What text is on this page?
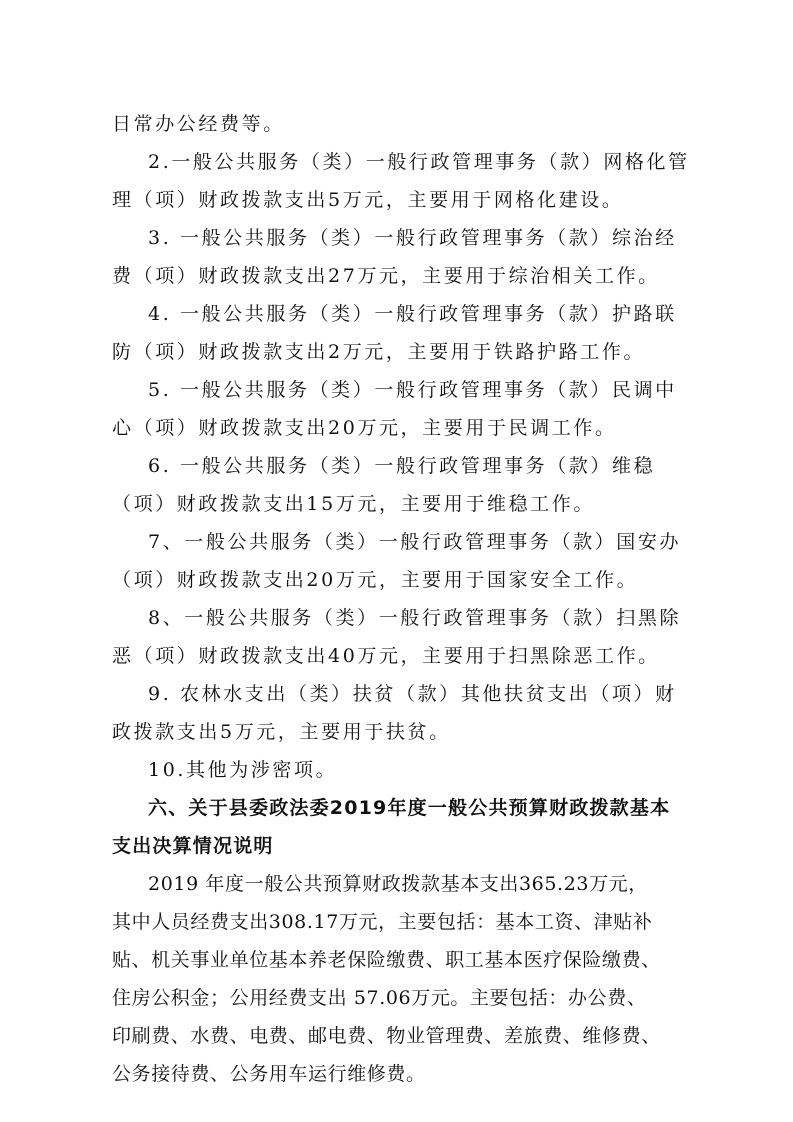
日常办公经费等。
2.一般公共服务（类）一般行政管理事务（款）网格化管
理（项）财政拨款支出5万元，主要用于网格化建设。
3. 一般公共服务（类）一般行政管理事务（款）综治经
费（项）财政拨款支出27万元，主要用于综治相关工作。
4. 一般公共服务（类）一般行政管理事务（款）护路联
防（项）财政拨款支出2万元，主要用于铁路护路工作。
5. 一般公共服务（类）一般行政管理事务（款）民调中
心（项）财政拨款支出20万元，主要用于民调工作。
6. 一般公共服务（类）一般行政管理事务（款）维稳
（项）财政拨款支出15万元，主要用于维稳工作。
7、一般公共服务（类）一般行政管理事务（款）国安办
（项）财政拨款支出20万元，主要用于国家安全工作。
8、一般公共服务（类）一般行政管理事务（款）扫黑除
恶（项）财政拨款支出40万元，主要用于扫黑除恶工作。
9. 农林水支出（类）扶贫（款）其他扶贫支出（项）财
政拨款支出5万元，主要用于扶贫。
10.其他为涉密项。
六、关于县委政法委2019年度一般公共预算财政拨款基本
支出决算情况说明
2019 年度一般公共预算财政拨款基本支出365.23万元，
其中人员经费支出308.17万元，主要包括：基本工资、津贴补
贴、机关事业单位基本养老保险缴费、职工基本医疗保险缴费、
住房公积金；公用经费支出 57.06万元。主要包括：办公费、
印刷费、水费、电费、邮电费、物业管理费、差旅费、维修费、
公务接待费、公务用车运行维修费。
